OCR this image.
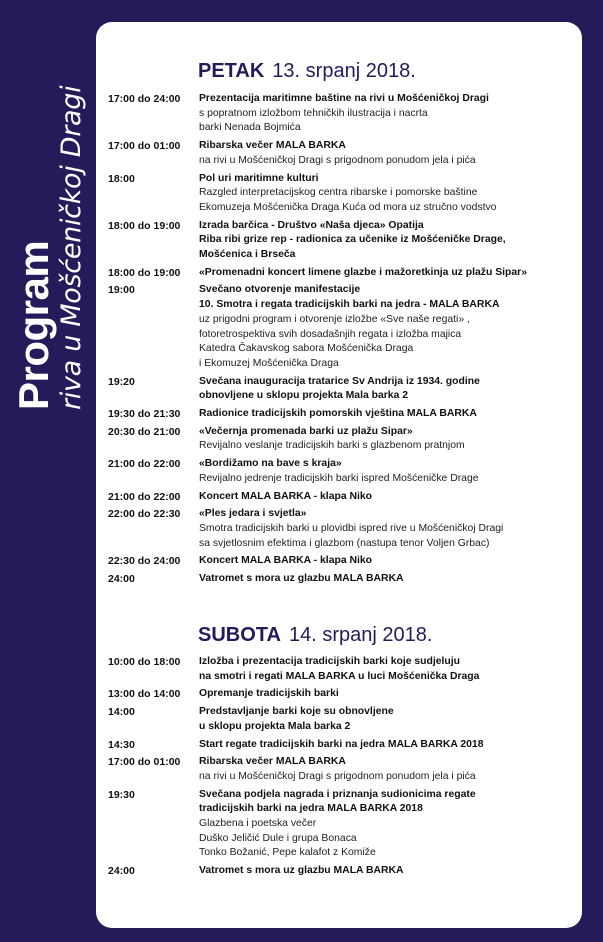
Program riva u Mošćeničkoj Dragi
PETAK 13. srpanj 2018.
17:00 do 24:00 Prezentacija maritimne baštine na rivi u Mošćeničkoj Dragi
s popratnom izložbom tehničkih ilustracija i nacrta
barki Nenada Bojmića
17:00 do 01:00 Ribarska večer MALA BARKA
na rivi u Mošćeničkoj Dragi s prigodnom ponudom jela i pića
18:00	Pol uri maritimne kulturi
Razgled interpretacijskog centra ribarske i pomorske baštine
Ekomuzeja Mošćenička Draga Kuća od mora uz stručno vodstvo
18:00 do 19:00 Izrada barčica - Društvo «Naša djeca» Opatija
Riba ribi grize rep - radionica za učenike iz Mošćeničke Drage,
Mošćenica i Brseča
18:00 do 19:00 «Promenadni koncert limene glazbe i mažoretkinja uz plažu Sipar»
19:00	Svečano otvorenje manifestacije
10. Smotra i regata tradicijskih barki na jedra - MALA BARKA
uz prigodni program i otvorenje izložbe «Sve naše regati» ,
fotoretrospektiva svih dosadašnjih regata i izložba majica
Katedra Čakavskog sabora Mošćenička Draga
i Ekomuzej Mošćenička Draga
19:20	Svečana inauguracija tratarice Sv Andrija iz 1934. godine
obnovljene u sklopu projekta Mala barka 2
19:30 do 21:30 Radionice tradicijskih pomorskih vještina MALA BARKA
20:30 do 21:00 «Večernja promenada barki uz plažu Sipar»
Revijalno veslanje tradicijskih barki s glazbenom pratnjom
21:00 do 22:00 «Bordižamo na bave s kraja»
Revijalno jedrenje tradicijskih barki ispred Mošćeničke Drage
21:00 do 22:00 Koncert MALA BARKA - klapa Niko
22:00 do 22:30 «Ples jedara i svjetla»
Smotra tradicijskih barki u plovidbi ispred rive u Mošćeničkoj Dragi
sa svjetlosnim efektima i glazbom (nastupa tenor Voljen Grbac)
22:30 do 24:00 Koncert MALA BARKA - klapa Niko
24:00	Vatromet s mora uz glazbu MALA BARKA
SUBOTA 14. srpanj 2018.
10:00 do 18:00 Izložba i prezentacija tradicijskih barki koje sudjeluju
na smotri i regati MALA BARKA u luci Mošćenička Draga
13:00 do 14:00 Opremanje tradicijskih barki
14:00	Predstavljanje barki koje su obnovljene
u sklopu projekta Mala barka 2
14:30	Start regate tradicijskih barki na jedra MALA BARKA 2018
17:00 do 01:00 Ribarska večer MALA BARKA
na rivi u Mošćeničkoj Dragi s prigodnom ponudom jela i pića
19:30	Svečana podjela nagrada i priznanja sudionicima regate
tradicijskih barki na jedra MALA BARKA 2018
Glazbena i poetska večer
Duško Jeličić Dule i grupa Bonaca
Tonko Božanić, Pepe kalafot z Komiže
24:00	Vatromet s mora uz glazbu MALA BARKA
